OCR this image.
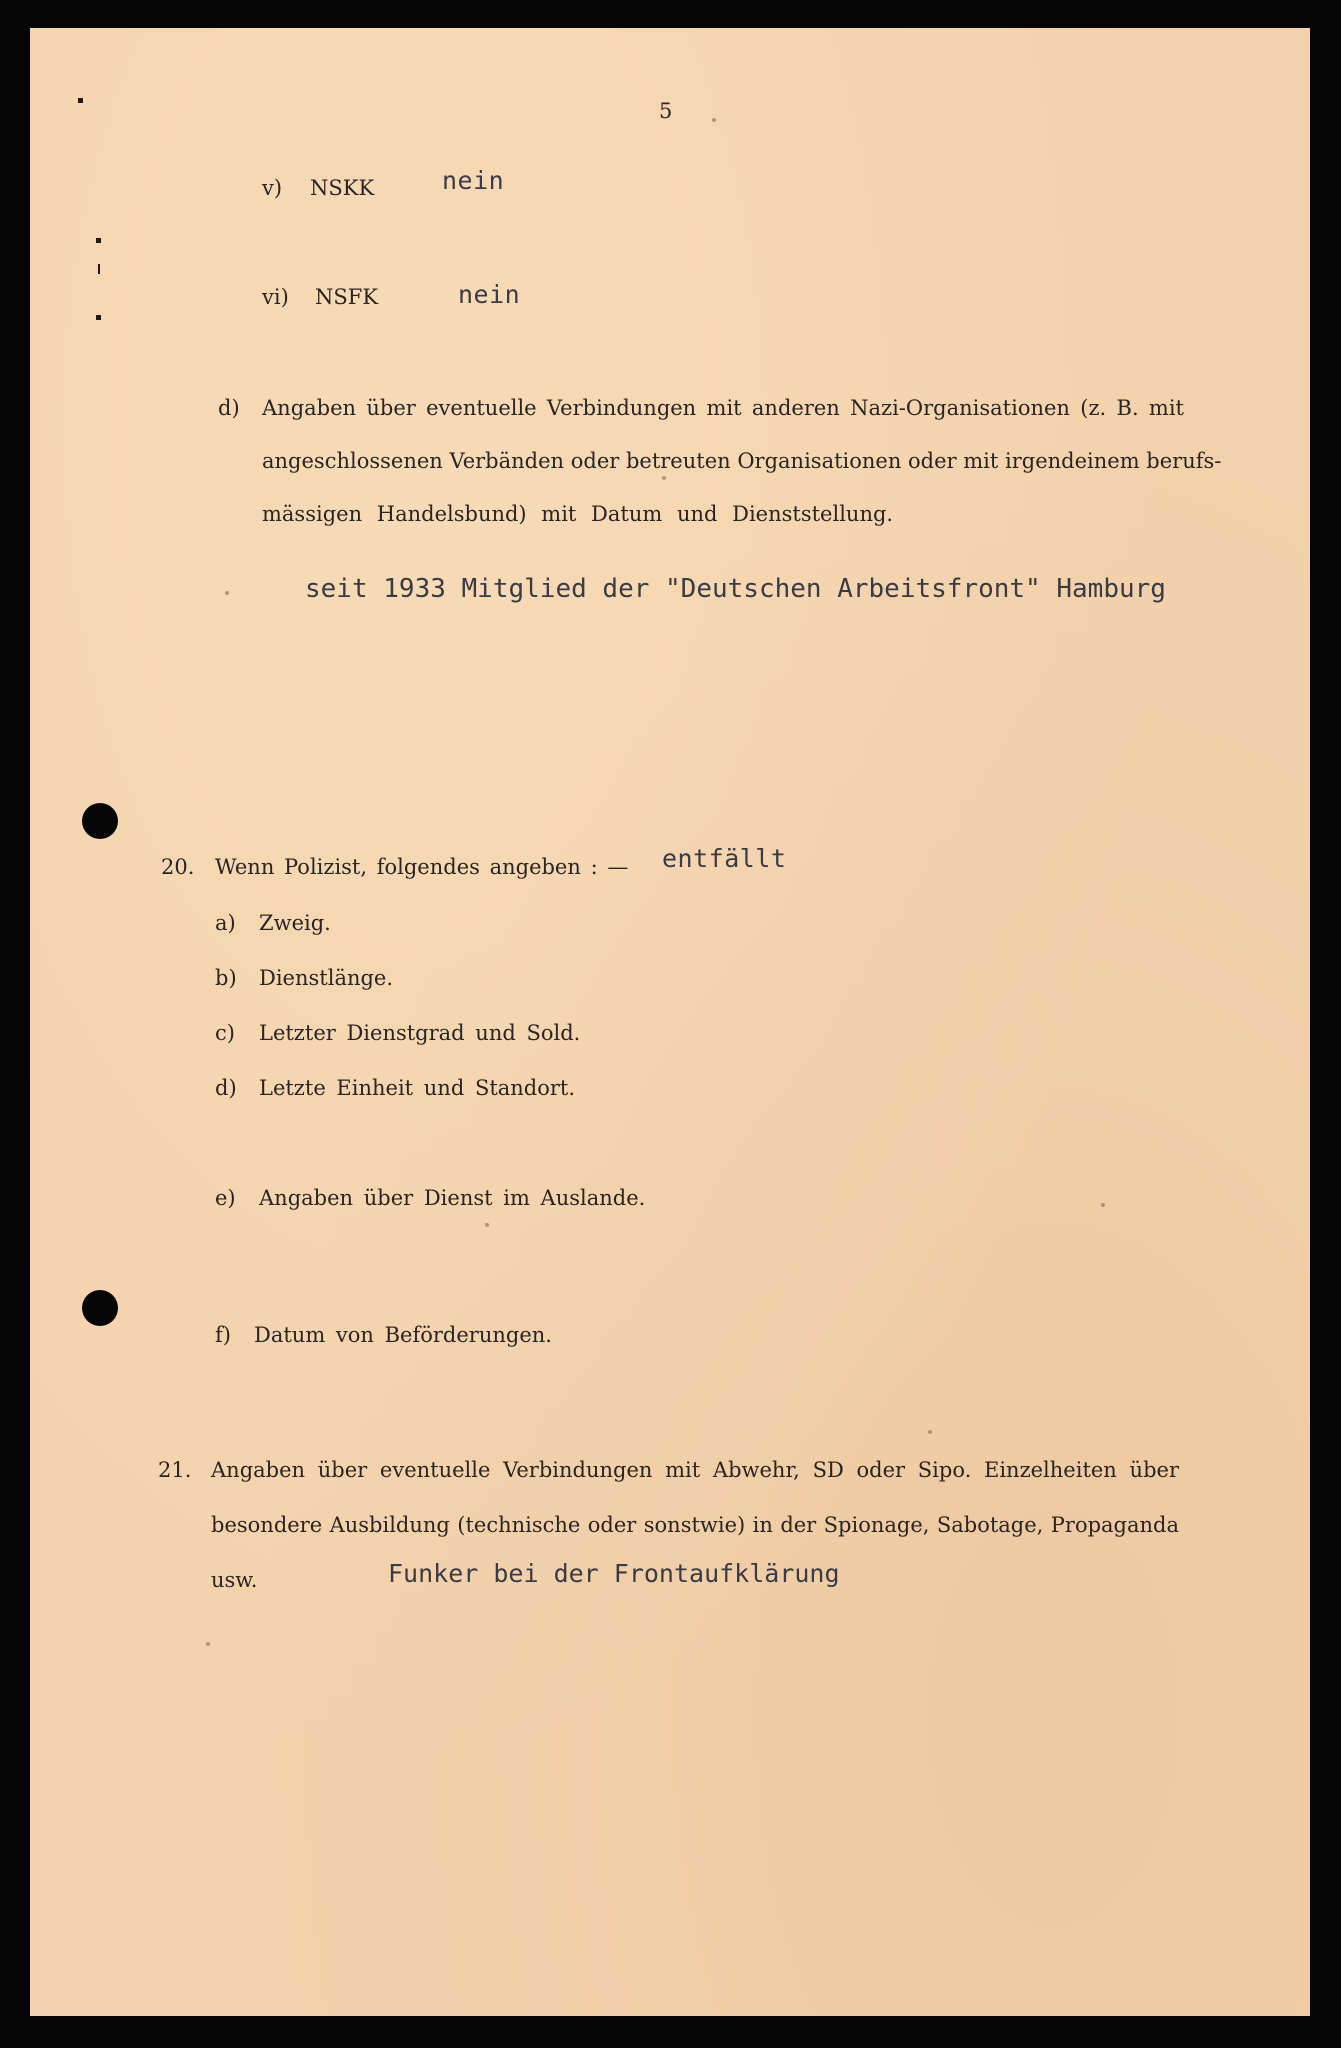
5
v) NSKK	nein
vi) NSFK	nein
d) Angaben über eventuelle Verbindungen mit anderen Nazi-Organisationen (z. B. mit
angeschlossenen Verbänden oder betreuten Organisationen oder mit irgendeinem berufs-
mässigen Handelsbund) mit Datum und Dienststellung.
seit 1933 Mitglied der "Deutschen Arbeitsfront" Hamburg
20. Wenn Polizist, folgendes angeben : — entfällt
a) Zweig.
b) Dienstlänge.
c) Letzter Dienstgrad und Sold.
d) Letzte Einheit und Standort.
e) Angaben über Dienst im Auslande.
f) Datum von Beförderungen.
21. Angaben über eventuelle Verbindungen mit Abwehr, SD oder Sipo. Einzelheiten über
besondere Ausbildung (technische oder sonstwie) in der Spionage, Sabotage, Propaganda
usw.	Funker bei der Frontaufklärung
